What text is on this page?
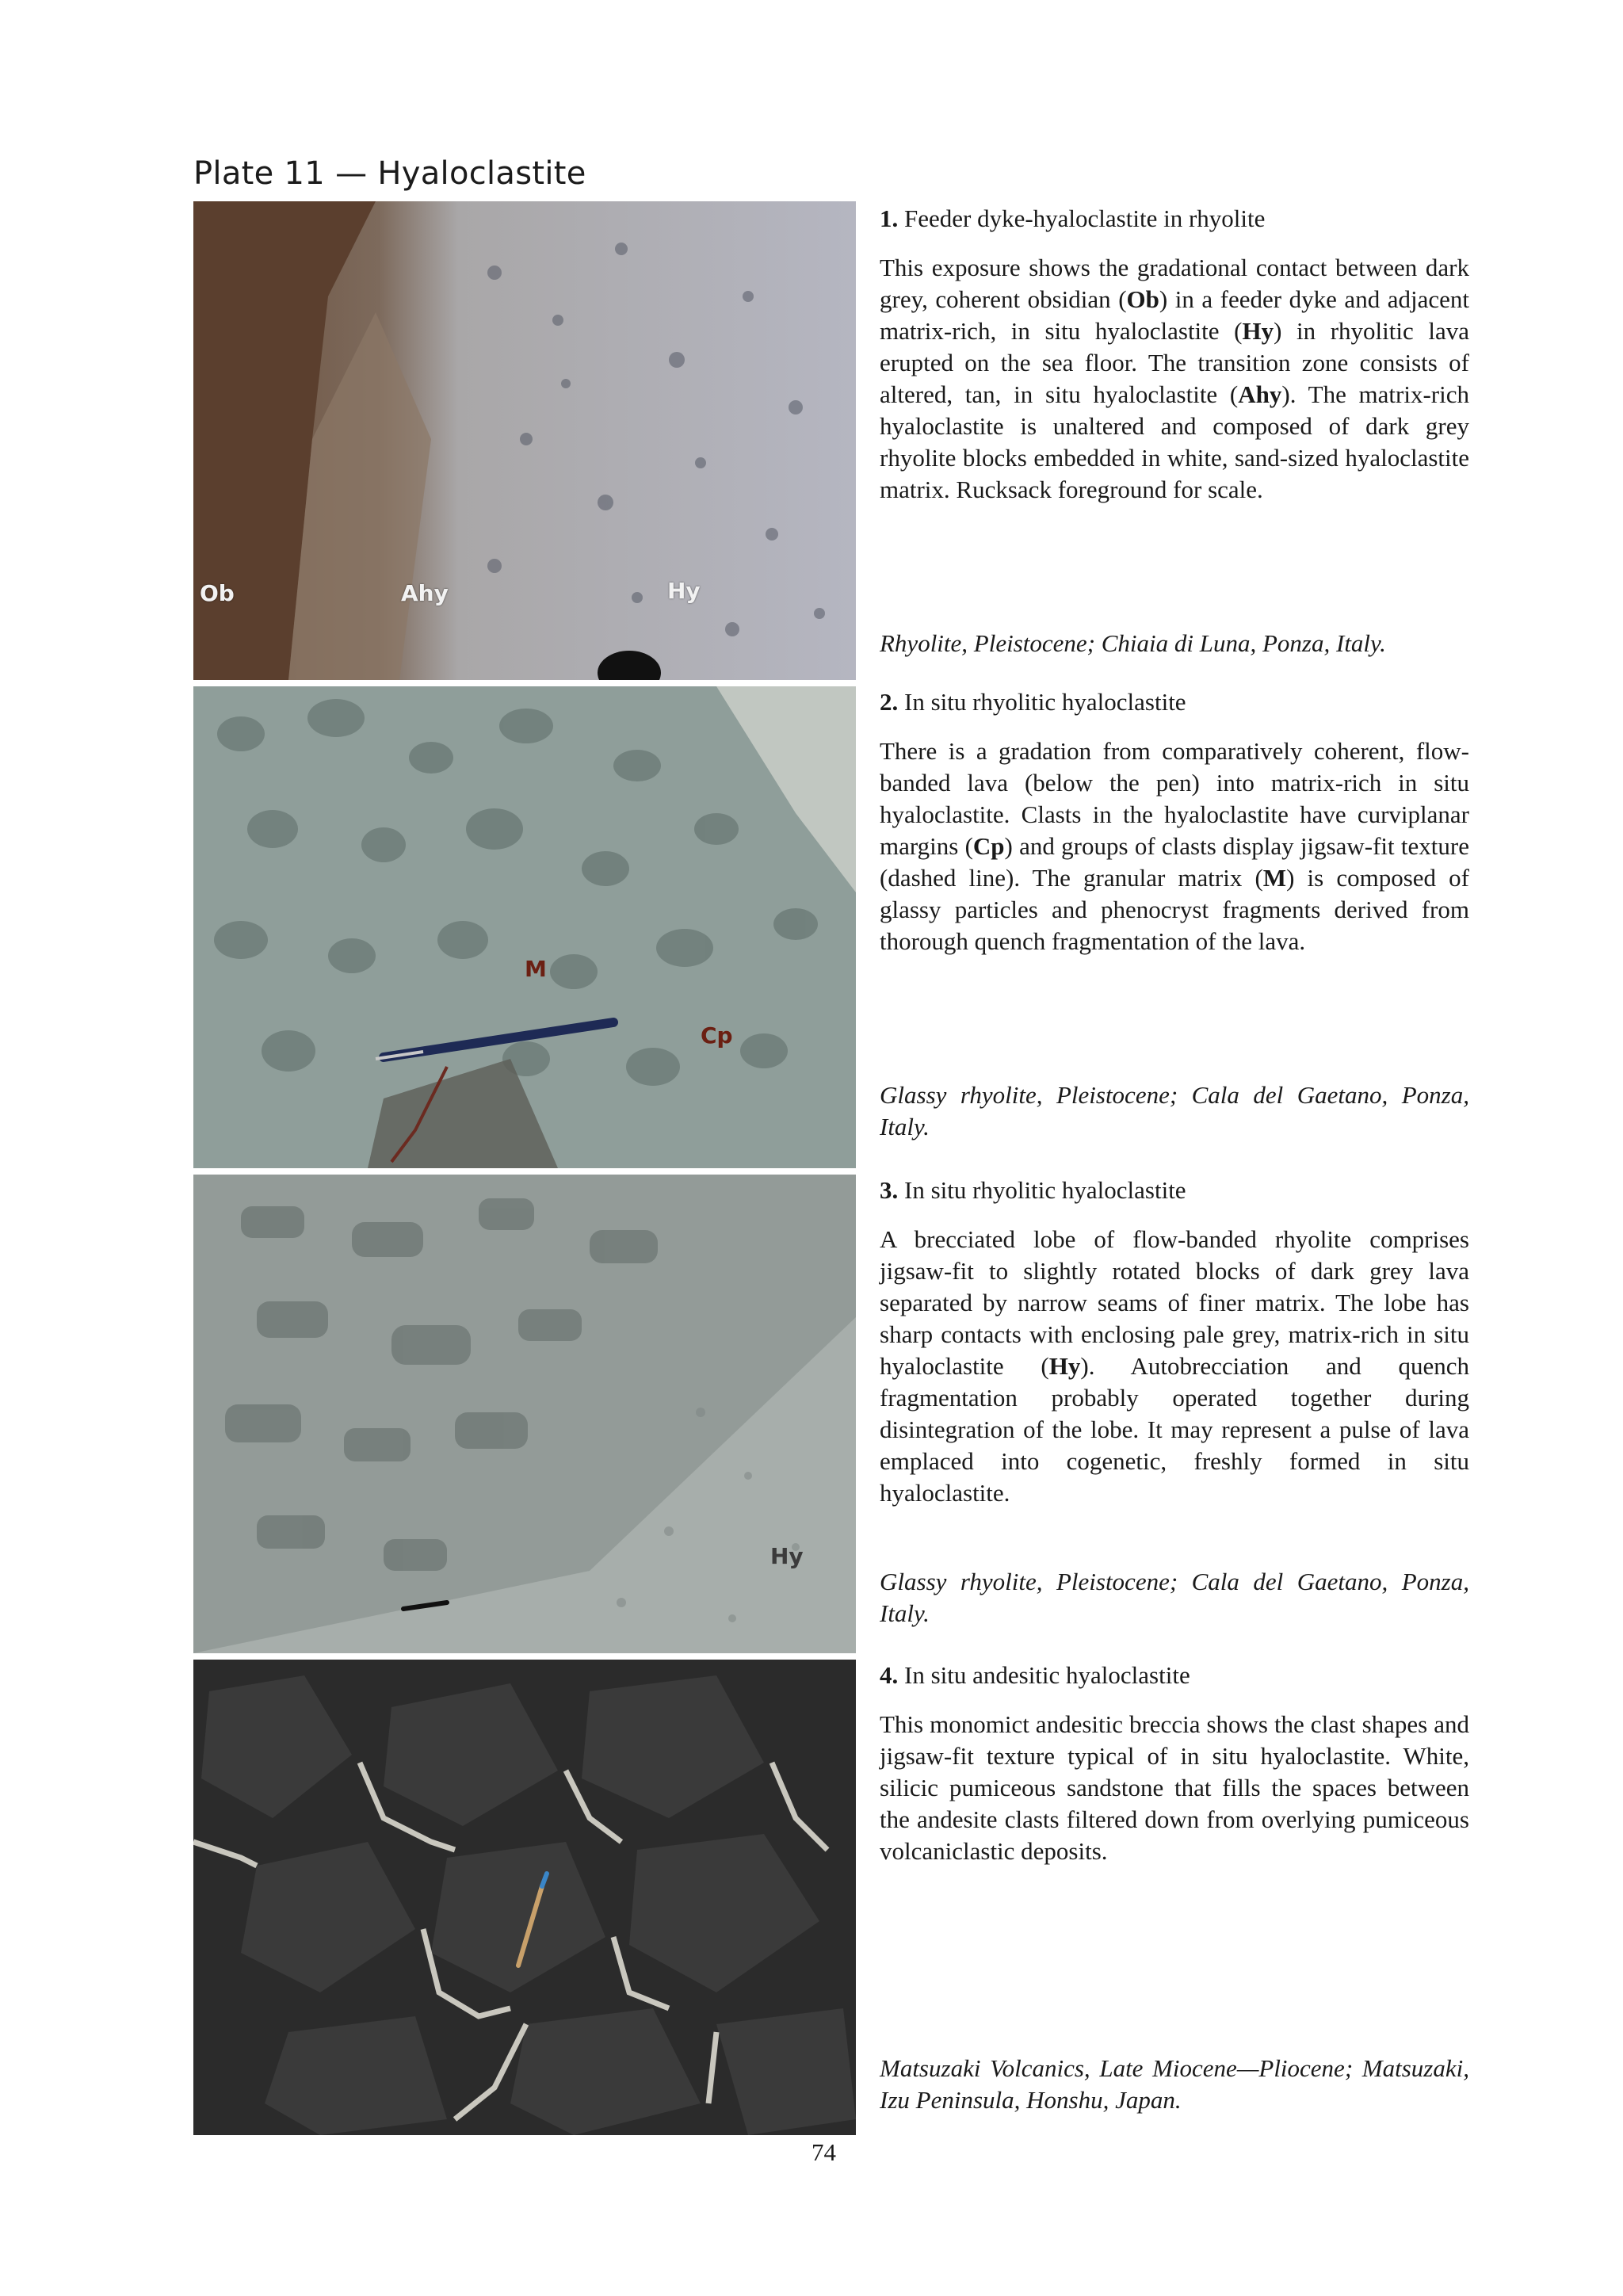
Plate 11 — Hyaloclastite
Ob	Ahy	Hy
M
Cp
Hy

1. Feeder dyke-hyaloclastite in rhyolite

This exposure shows the gradational contact between dark grey, coherent obsidian (Ob) in a feeder dyke and adjacent matrix-rich, in situ hyaloclastite (Hy) in rhyolitic lava erupted on the sea floor. The transition zone consists of altered, tan, in situ hyaloclastite (Ahy). The matrix-rich hyaloclastite is unaltered and composed of dark grey rhyolite blocks embedded in white, sand-sized hyaloclastite matrix. Rucksack foreground for scale.

Rhyolite, Pleistocene; Chiaia di Luna, Ponza, Italy.

2. In situ rhyolitic hyaloclastite

There is a gradation from comparatively coherent, flow-banded lava (below the pen) into matrix-rich in situ hyaloclastite. Clasts in the hyaloclastite have curviplanar margins (Cp) and groups of clasts display jigsaw-fit texture (dashed line). The granular matrix (M) is composed of glassy particles and phenocryst fragments derived from thorough quench fragmentation of the lava.

Glassy rhyolite, Pleistocene; Cala del Gaetano, Ponza, Italy.

3. In situ rhyolitic hyaloclastite

A brecciated lobe of flow-banded rhyolite comprises jigsaw-fit to slightly rotated blocks of dark grey lava separated by narrow seams of finer matrix. The lobe has sharp contacts with enclosing pale grey, matrix-rich in situ hyaloclastite (Hy). Autobrecciation and quench fragmentation probably operated together during disintegration of the lobe. It may represent a pulse of lava emplaced into cogenetic, freshly formed in situ hyaloclastite.

Glassy rhyolite, Pleistocene; Cala del Gaetano, Ponza, Italy.

4. In situ andesitic hyaloclastite

This monomict andesitic breccia shows the clast shapes and jigsaw-fit texture typical of in situ hyaloclastite. White, silicic pumiceous sandstone that fills the spaces between the andesite clasts filtered down from overlying pumiceous volcaniclastic deposits.

Matsuzaki Volcanics, Late Miocene—Pliocene; Matsuzaki, Izu Peninsula, Honshu, Japan.
74
